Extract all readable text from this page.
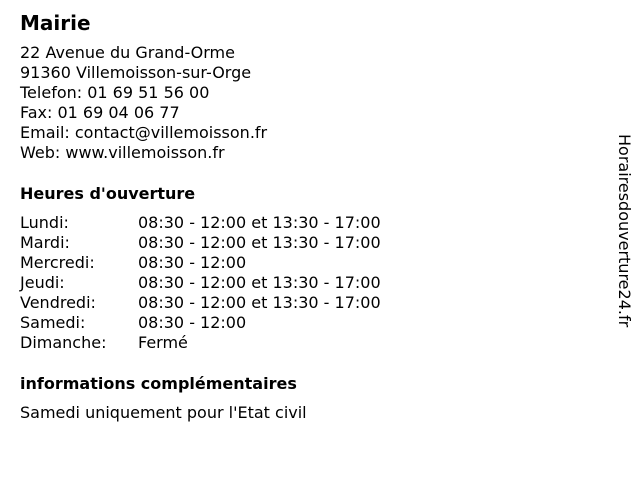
Mairie
22 Avenue du Grand-Orme
91360 Villemoisson-sur-Orge
Telefon: 01 69 51 56 00
Fax: 01 69 04 06 77
Email: contact@villemoisson.fr
Web: www.villemoisson.fr
Heures d'ouverture
Lundi:	08:30 - 12:00 et 13:30 - 17:00
Mardi:	08:30 - 12:00 et 13:30 - 17:00
Mercredi:	08:30 - 12:00
Jeudi:	08:30 - 12:00 et 13:30 - 17:00
Vendredi:	08:30 - 12:00 et 13:30 - 17:00
Samedi:	08:30 - 12:00
Dimanche:	Fermé
informations complémentaires
Samedi uniquement pour l'Etat civil
Horairesdouverture24.fr
